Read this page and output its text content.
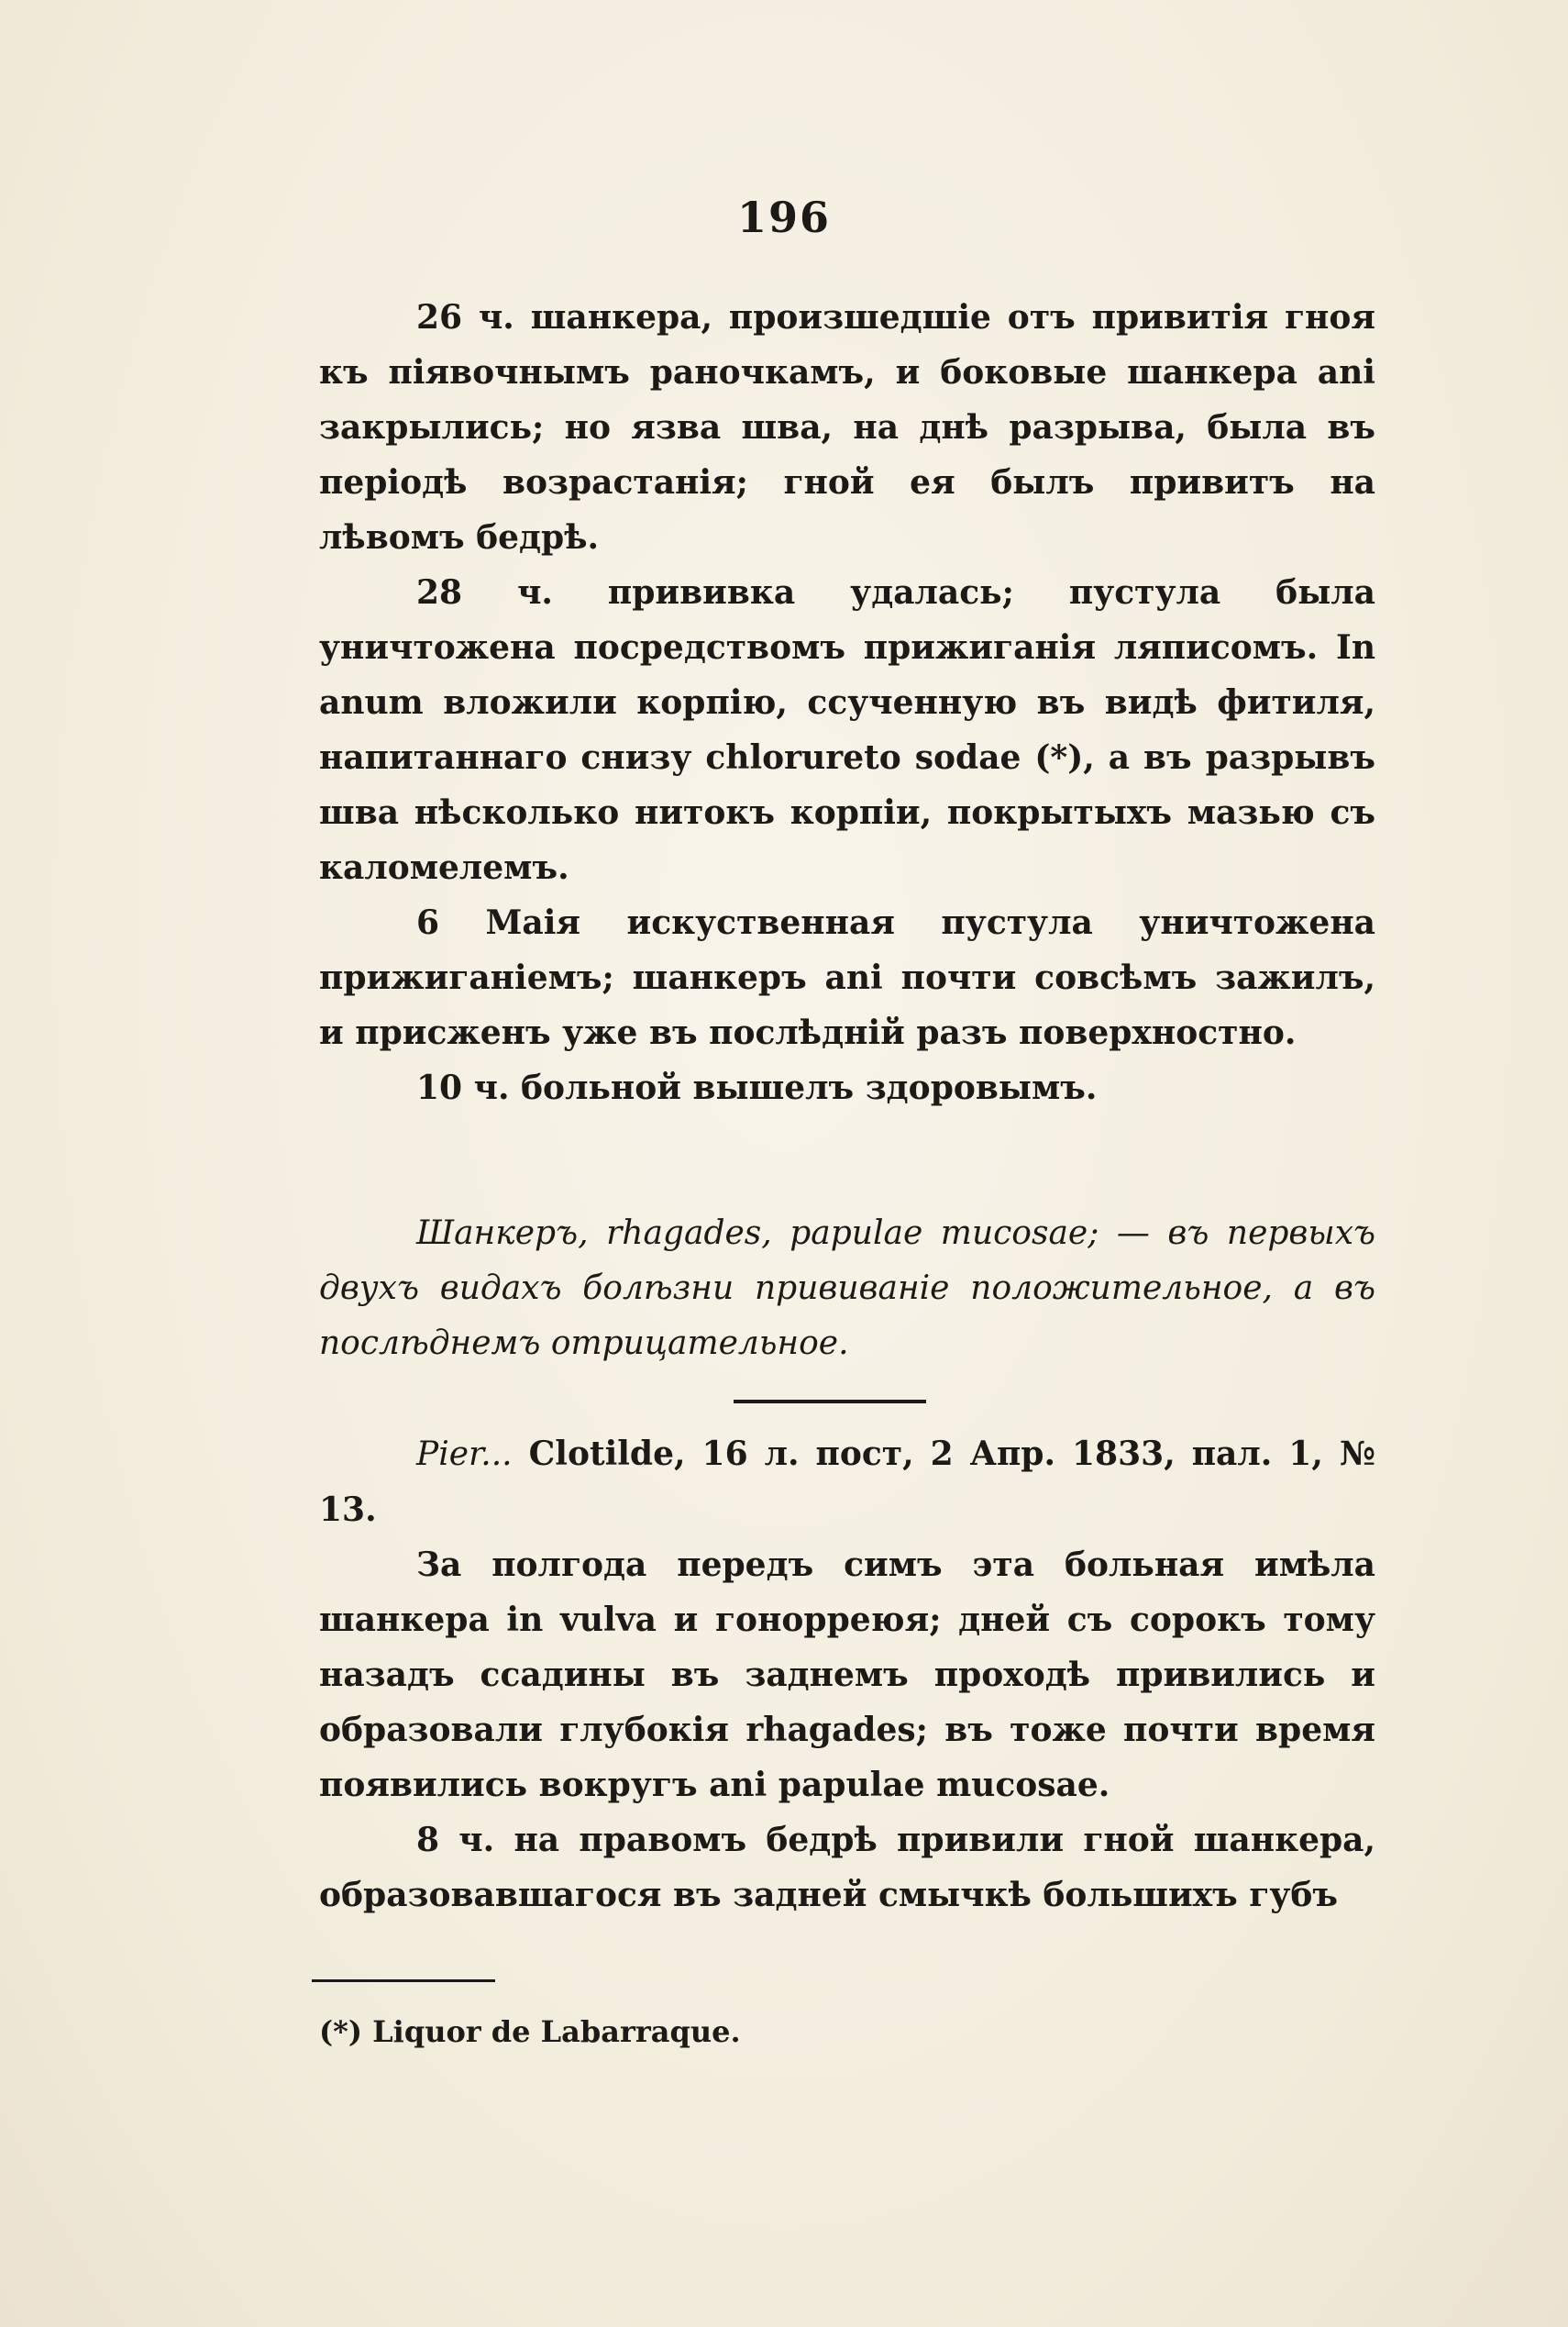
196

26 ч. шанкера, произшедшіе отъ привитія гноя къ піявочнымъ раночкамъ, и боковые шанкера ani закрылись; но язва шва, на днѣ разрыва, была въ періодѣ возрастанія; гной ея былъ привитъ на лѣвомъ бедрѣ.

28 ч. прививка удалась; пустула была уничтожена посредствомъ прижиганія ляписомъ. In anum вложили корпію, ссученную въ видѣ фитиля, напитаннаго снизу chlorureto sodae (*), а въ разрывъ шва нѣсколько нитокъ корпіи, покрытыхъ мазью съ каломелемъ.

6 Маія искуственная пустула уничтожена прижиганіемъ; шанкеръ ani почти совсѣмъ зажилъ, и присженъ уже въ послѣдній разъ поверхностно.

10 ч. больной вышелъ здоровымъ.

Шанкеръ, rhagades, papulae mucosae; — въ первыхъ двухъ видахъ болѣзни прививаніе положительное, а въ послѣднемъ отрицательное.

Pier... Clotilde, 16 л. пост, 2 Апр. 1833, пал. 1, № 13.

За полгода передъ симъ эта больная имѣла шанкера in vulva и гонорреюя; дней съ сорокъ тому назадъ ссадины въ заднемъ проходѣ привились и образовали глубокія rhagades; въ тоже почти время появились вокругъ ani papulae mucosae.

8 ч. на правомъ бедрѣ привили гной шанкера, образовавшагося въ задней смычкѣ большихъ губъ

(*) Liquor de Labarraque.
